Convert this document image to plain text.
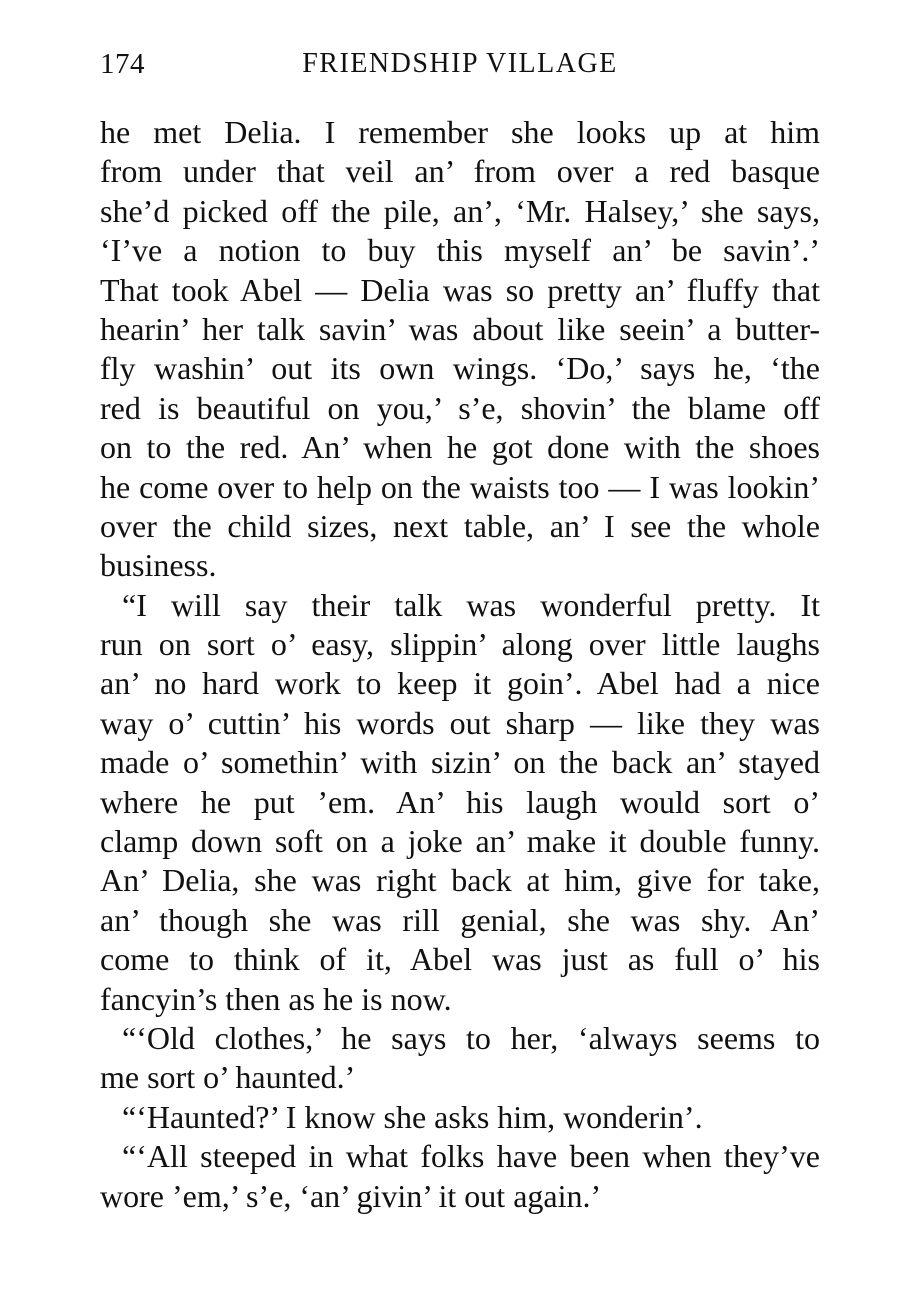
174	FRIENDSHIP VILLAGE
he met Delia. I remember she looks up at him
from under that veil an’ from over a red basque
she’d picked off the pile, an’, ‘Mr. Halsey,’ she says,
‘I’ve a notion to buy this myself an’ be savin’.’
That took Abel — Delia was so pretty an’ fluffy that
hearin’ her talk savin’ was about like seein’ a butter-
fly washin’ out its own wings. ‘Do,’ says he, ‘the
red is beautiful on you,’ s’e, shovin’ the blame off
on to the red. An’ when he got done with the shoes
he come over to help on the waists too — I was lookin’
over the child sizes, next table, an’ I see the whole
business.
“I will say their talk was wonderful pretty. It
run on sort o’ easy, slippin’ along over little laughs
an’ no hard work to keep it goin’. Abel had a nice
way o’ cuttin’ his words out sharp — like they was
made o’ somethin’ with sizin’ on the back an’ stayed
where he put ’em. An’ his laugh would sort o’
clamp down soft on a joke an’ make it double funny.
An’ Delia, she was right back at him, give for take,
an’ though she was rill genial, she was shy. An’
come to think of it, Abel was just as full o’ his
fancyin’s then as he is now.
“‘Old clothes,’ he says to her, ‘always seems to
me sort o’ haunted.’
“‘Haunted?’ I know she asks him, wonderin’.
“‘All steeped in what folks have been when they’ve
wore ’em,’ s’e, ‘an’ givin’ it out again.’
